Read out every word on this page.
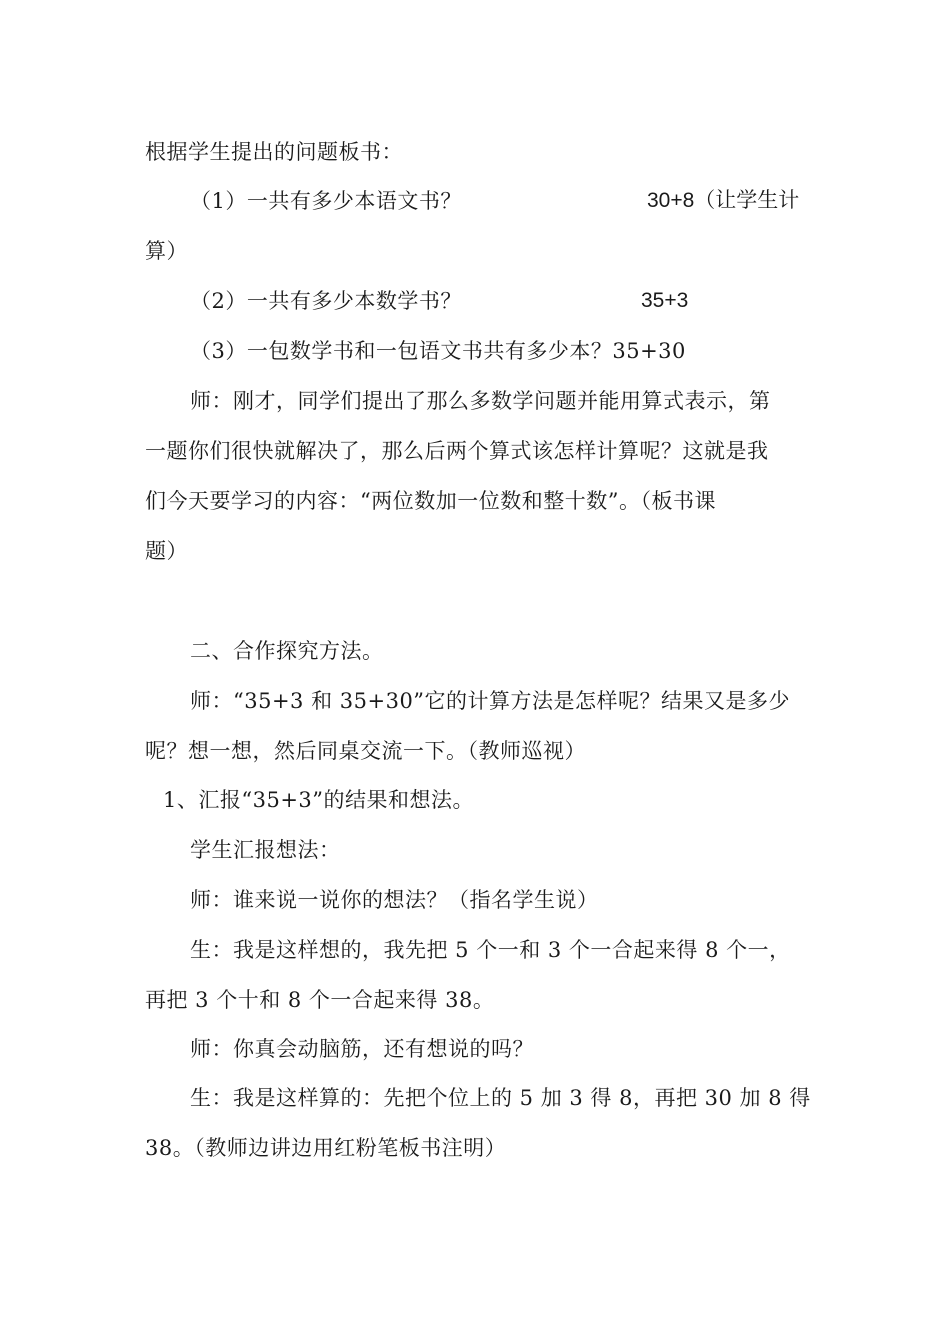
根据学生提出的问题板书：
（1）一共有多少本语文书？	30+8（让学生计
算）
（2）一共有多少本数学书？	35+3
（3）一包数学书和一包语文书共有多少本？35+30
师：刚才，同学们提出了那么多数学问题并能用算式表示，第
一题你们很快就解决了，那么后两个算式该怎样计算呢？这就是我
们今天要学习的内容：“两位数加一位数和整十数”。（板书课
题）
二、合作探究方法。
师：“35+3 和 35+30”它的计算方法是怎样呢？结果又是多少
呢？想一想，然后同桌交流一下。（教师巡视）
1、汇报“35+3”的结果和想法。
学生汇报想法：
师：谁来说一说你的想法？（指名学生说）
生：我是这样想的，我先把 5 个一和 3 个一合起来得 8 个一，
再把 3 个十和 8 个一合起来得 38。
师：你真会动脑筋，还有想说的吗？
生：我是这样算的：先把个位上的 5 加 3 得 8，再把 30 加 8 得
38。（教师边讲边用红粉笔板书注明）
